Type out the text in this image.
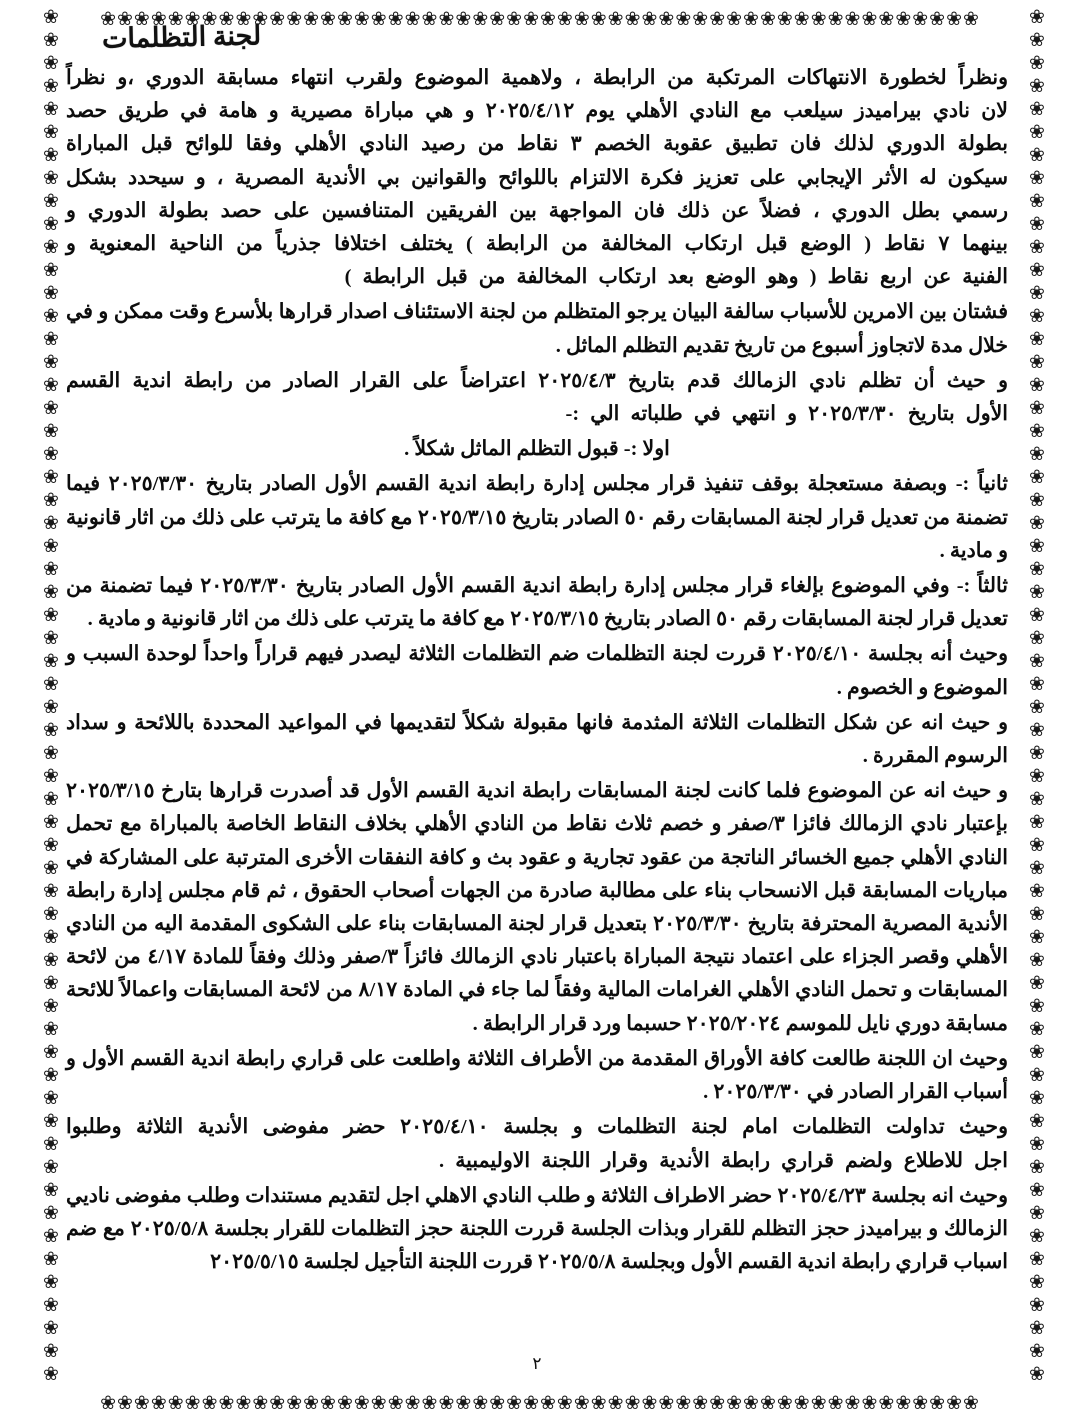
❀❀❀❀❀❀❀❀❀❀❀❀❀❀❀❀❀❀❀❀❀❀❀❀❀❀❀❀❀❀❀❀❀❀❀❀❀❀❀❀❀❀❀❀❀❀❀❀❀❀❀❀
❀❀❀❀❀❀❀❀❀❀❀❀❀❀❀❀❀❀❀❀❀❀❀❀❀❀❀❀❀❀❀❀❀❀❀❀❀❀❀❀❀❀❀❀❀❀❀❀❀❀❀❀
❀❀❀❀❀❀❀❀❀❀❀❀❀❀❀❀❀❀❀❀❀❀❀❀❀❀❀❀❀❀❀❀❀❀❀❀❀❀❀❀❀❀❀❀❀❀❀❀❀❀❀❀❀❀❀❀❀❀❀❀
❀❀❀❀❀❀❀❀❀❀❀❀❀❀❀❀❀❀❀❀❀❀❀❀❀❀❀❀❀❀❀❀❀❀❀❀❀❀❀❀❀❀❀❀❀❀❀❀❀❀❀❀❀❀❀❀❀❀❀❀
لجنة التظلمات

ونظراً لخطورة الانتهاكات المرتكبة من الرابطة ، ولاهمية الموضوع ولقرب انتهاء مسابقة الدوري ،و نظراً لان نادي بيراميدز سيلعب مع النادي الأهلي يوم ٢٠٢٥/٤/١٢ و هي مباراة مصيرية و هامة في طريق حصد بطولة الدوري لذلك فان تطبيق عقوبة الخصم ٣ نقاط من رصيد النادي الأهلي وفقا للوائح قبل المباراة سيكون له الأثر الإيجابي على تعزيز فكرة الالتزام باللوائح والقوانين بي الأندية المصرية ، و سيحدد بشكل رسمي بطل الدوري ، فضلاً عن ذلك فان المواجهة بين الفريقين المتنافسين على حصد بطولة الدوري و بينهما ٧ نقاط ( الوضع قبل ارتكاب المخالفة من الرابطة ) يختلف اختلافا جذرياً من الناحية المعنوية و الفنية عن اربع نقاط ( وهو الوضع بعد ارتكاب المخالفة من قبل الرابطة )

فشتان بين الامرين للأسباب سالفة البيان يرجو المتظلم من لجنة الاستئناف اصدار قرارها بلأسرع وقت ممكن و في خلال مدة لاتجاوز أسبوع من تاريخ تقديم التظلم الماثل .

و حيث أن تظلم نادي الزمالك قدم بتاريخ ٢٠٢٥/٤/٣ اعتراضاً على القرار الصادر من رابطة اندية القسم الأول بتاريخ ٢٠٢٥/٣/٣٠ و انتهي في طلباته الي :-

اولا :- قبول التظلم الماثل شكلاً .

ثانياً :- وبصفة مستعجلة بوقف تنفيذ قرار مجلس إدارة رابطة اندية القسم الأول الصادر بتاريخ ٢٠٢٥/٣/٣٠ فيما تضمنة من تعديل قرار لجنة المسابقات رقم ٥٠ الصادر بتاريخ ٢٠٢٥/٣/١٥ مع كافة ما يترتب على ذلك من اثار قانونية و مادية .

ثالثاً :- وفي الموضوع بإلغاء قرار مجلس إدارة رابطة اندية القسم الأول الصادر بتاريخ ٢٠٢٥/٣/٣٠ فيما تضمنة من تعديل قرار لجنة المسابقات رقم ٥٠ الصادر بتاريخ ٢٠٢٥/٣/١٥ مع كافة ما يترتب على ذلك من اثار قانونية و مادية .

وحيث أنه بجلسة ٢٠٢٥/٤/١٠ قررت لجنة التظلمات ضم التظلمات الثلاثة ليصدر فيهم قراراً واحداً لوحدة السبب و الموضوع و الخصوم .

و حيث انه عن شكل التظلمات الثلاثة المثدمة فانها مقبولة شكلاً لتقديمها في المواعيد المحددة باللائحة و سداد الرسوم المقررة .

و حيث انه عن الموضوع فلما كانت لجنة المسابقات رابطة اندية القسم الأول قد أصدرت قرارها بتارخ ٢٠٢٥/٣/١٥ بإعتبار نادي الزمالك فائزا ٣/صفر و خصم ثلاث نقاط من النادي الأهلي بخلاف النقاط الخاصة بالمباراة مع تحمل النادي الأهلي جميع الخسائر الناتجة من عقود تجارية و عقود بث و كافة النفقات الأخرى المترتبة على المشاركة في مباريات المسابقة قبل الانسحاب بناء على مطالبة صادرة من الجهات أصحاب الحقوق ، ثم قام مجلس إدارة رابطة الأندية المصرية المحترفة بتاريخ ٢٠٢٥/٣/٣٠ بتعديل قرار لجنة المسابقات بناء على الشكوى المقدمة اليه من النادي الأهلي وقصر الجزاء على اعتماد نتيجة المباراة باعتبار نادي الزمالك فائزاً ٣/صفر وذلك وفقاً للمادة ٤/١٧ من لائحة المسابقات و تحمل النادي الأهلي الغرامات المالية وفقاً لما جاء في المادة ٨/١٧ من لائحة المسابقات واعمالاً للائحة مسابقة دوري نايل للموسم ٢٠٢٥/٢٠٢٤ حسبما ورد قرار الرابطة .

وحيث ان اللجنة طالعت كافة الأوراق المقدمة من الأطراف الثلاثة واطلعت على قراري رابطة اندية القسم الأول و أسباب القرار الصادر في ٢٠٢٥/٣/٣٠ .

وحيث تداولت التظلمات امام لجنة التظلمات و بجلسة ٢٠٢٥/٤/١٠ حضر مفوضى الأندية الثلاثة وطلبوا اجل للاطلاع ولضم قراري رابطة الأندية وقرار اللجنة الاوليمبية .

وحيث انه بجلسة ٢٠٢٥/٤/٢٣ حضر الاطراف الثلاثة و طلب النادي الاهلي اجل لتقديم مستندات وطلب مفوضى ناديي الزمالك و بيراميدز حجز التظلم للقرار وبذات الجلسة قررت اللجنة حجز التظلمات للقرار بجلسة ٢٠٢٥/٥/٨ مع ضم اسباب قراري رابطة اندية القسم الأول وبجلسة ٢٠٢٥/٥/٨ قررت اللجنة التأجيل لجلسة ٢٠٢٥/٥/١٥

٢
